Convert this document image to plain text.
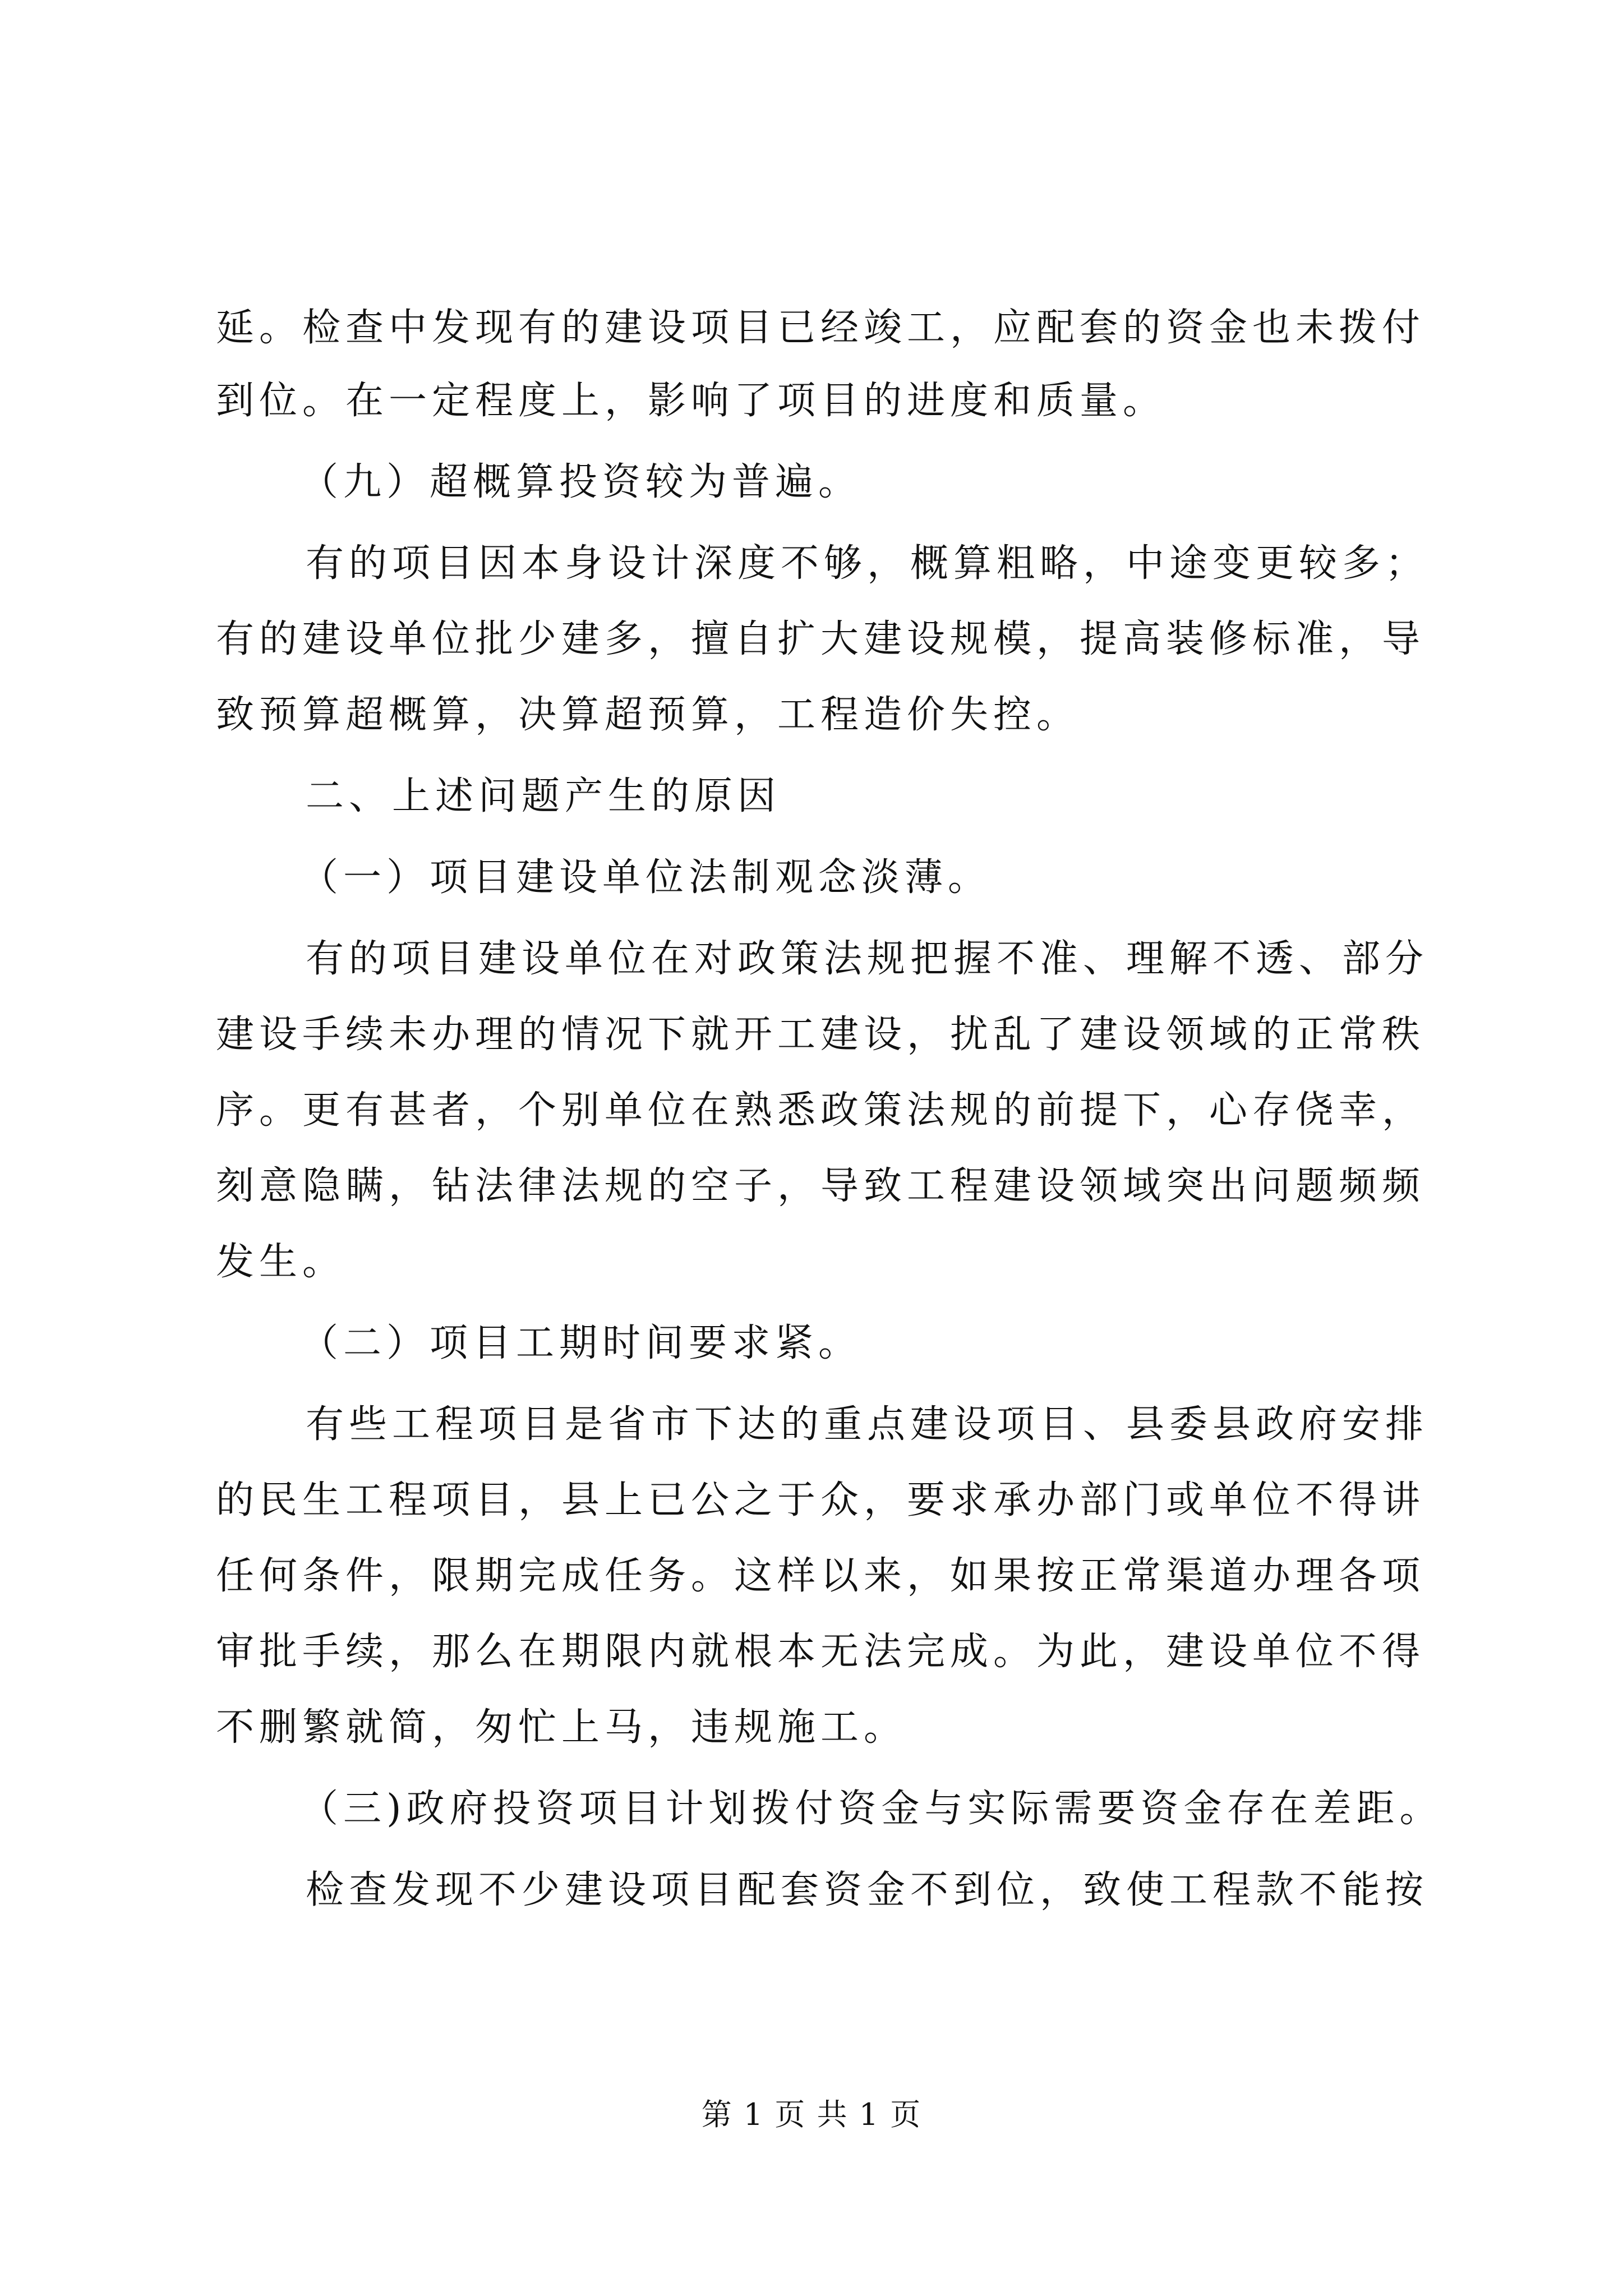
延。检查中发现有的建设项目已经竣工，应配套的资金也未拨付
到位。在一定程度上，影响了项目的进度和质量。
（九）超概算投资较为普遍。
有的项目因本身设计深度不够，概算粗略，中途变更较多；
有的建设单位批少建多，擅自扩大建设规模，提高装修标准，导
致预算超概算，决算超预算，工程造价失控。
二、上述问题产生的原因
（一）项目建设单位法制观念淡薄。
有的项目建设单位在对政策法规把握不准、理解不透、部分
建设手续未办理的情况下就开工建设，扰乱了建设领域的正常秩
序。更有甚者，个别单位在熟悉政策法规的前提下，心存侥幸，
刻意隐瞒，钻法律法规的空子，导致工程建设领域突出问题频频
发生。
（二）项目工期时间要求紧。
有些工程项目是省市下达的重点建设项目、县委县政府安排
的民生工程项目，县上已公之于众，要求承办部门或单位不得讲
任何条件，限期完成任务。这样以来，如果按正常渠道办理各项
审批手续，那么在期限内就根本无法完成。为此，建设单位不得
不删繁就简，匆忙上马，违规施工。
（三)政府投资项目计划拨付资金与实际需要资金存在差距。
检查发现不少建设项目配套资金不到位，致使工程款不能按
第 1 页 共 1 页
